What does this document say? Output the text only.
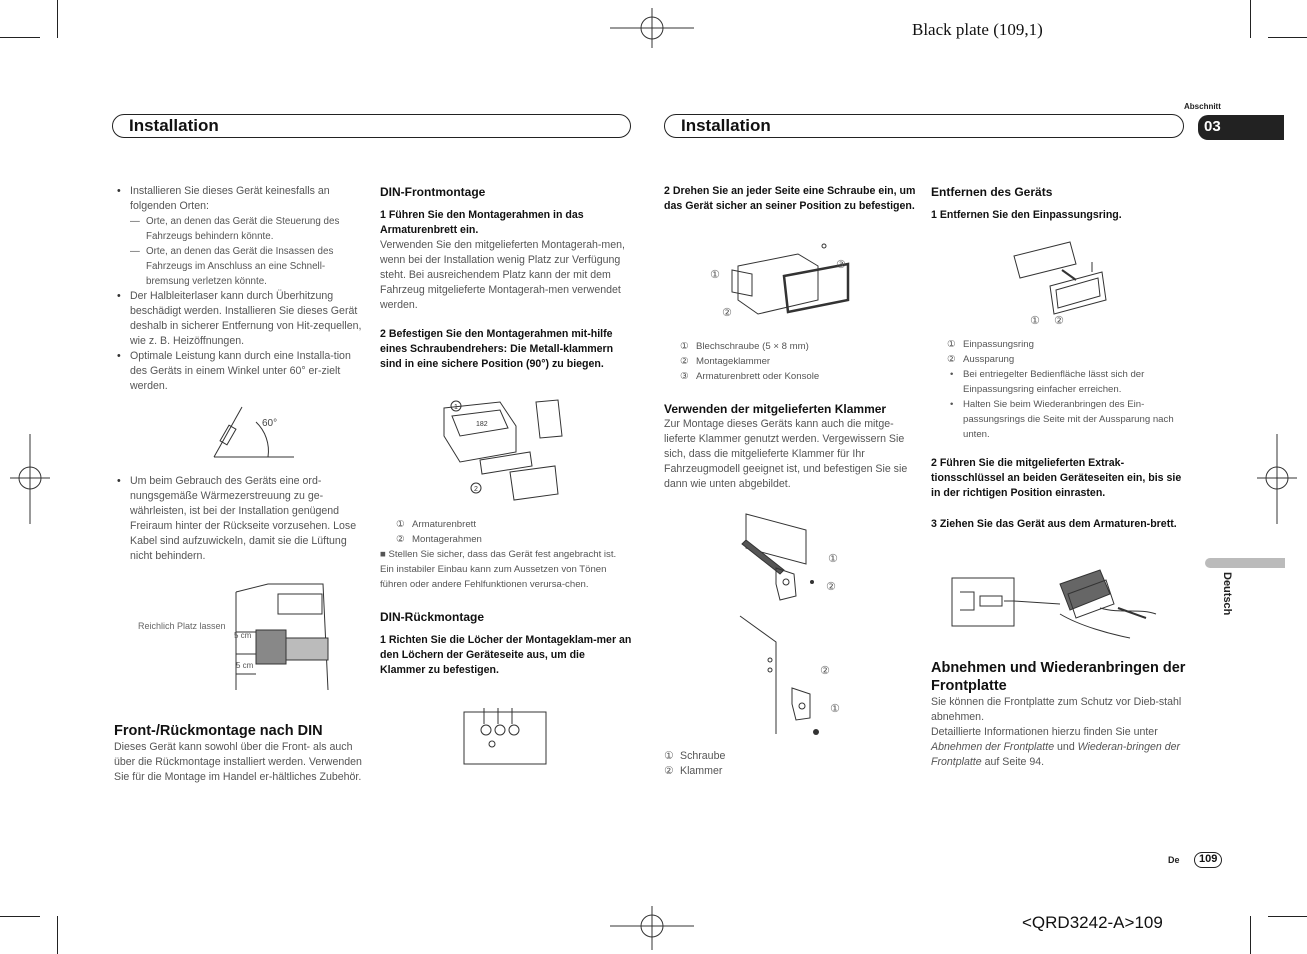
Black plate (109,1)
<QRD3242-A>109
Installation	Installation
Abschnitt
03
Deutsch

• Installieren Sie dieses Gerät keinesfalls an folgenden Orten:

— Orte, an denen das Gerät die Steuerung des Fahrzeugs behindern könnte.

— Orte, an denen das Gerät die Insassen des Fahrzeugs im Anschluss an eine Schnell-bremsung verletzen könnte.

• Der Halbleiterlaser kann durch Überhitzung beschädigt werden. Installieren Sie dieses Gerät deshalb in sicherer Entfernung von Hit-zequellen, wie z. B. Heizöffnungen.

• Optimale Leistung kann durch eine Installa-tion des Geräts in einem Winkel unter 60° er-zielt werden.

60°

• Um beim Gebrauch des Geräts eine ord-nungsgemäße Wärmezerstreuung zu ge-währleisten, ist bei der Installation genügend Freiraum hinter der Rückseite vorzusehen. Lose Kabel sind aufzuwickeln, damit sie die Lüftung nicht behindern.

5 cm
5 cm
Reichlich Platz lassen

Front-/Rückmontage nach DIN

Dieses Gerät kann sowohl über die Front- als auch über die Rückmontage installiert werden. Verwenden Sie für die Montage im Handel er-hältliches Zubehör.

DIN-Frontmontage

1 Führen Sie den Montagerahmen in das Armaturenbrett ein.

Verwenden Sie den mitgelieferten Montagerah-men, wenn bei der Installation wenig Platz zur Verfügung steht. Bei ausreichendem Platz kann der mit dem Fahrzeug mitgelieferte Montagerah-men verwendet werden.

2 Befestigen Sie den Montagerahmen mit-hilfe eines Schraubendrehers: Die Metall-klammern sind in eine sichere Position (90°) zu biegen.

182
1
2

① Armaturenbrett

② Montagerahmen

■ Stellen Sie sicher, dass das Gerät fest angebracht ist. Ein instabiler Einbau kann zum Aussetzen von Tönen führen oder andere Fehlfunktionen verursa-chen.

DIN-Rückmontage

1 Richten Sie die Löcher der Montageklam-mer an den Löchern der Geräteseite aus, um die Klammer zu befestigen.

2 Drehen Sie an jeder Seite eine Schraube ein, um das Gerät sicher an seiner Position zu befestigen.

①
②
③

① Blechschraube (5 × 8 mm)

② Montageklammer

③ Armaturenbrett oder Konsole

Verwenden der mitgelieferten Klammer

Zur Montage dieses Geräts kann auch die mitge-lieferte Klammer genutzt werden. Vergewissern Sie sich, dass die mitgelieferte Klammer für Ihr Fahrzeugmodell geeignet ist, und befestigen Sie sie dann wie unten abgebildet.

①
②
②
①

① Schraube

② Klammer

Entfernen des Geräts

1 Entfernen Sie den Einpassungsring.

① ②

① Einpassungsring

② Aussparung

• Bei entriegelter Bedienfläche lässt sich der Einpassungsring einfacher erreichen.

• Halten Sie beim Wiederanbringen des Ein-passungsrings die Seite mit der Aussparung nach unten.

2 Führen Sie die mitgelieferten Extrak-tionsschlüssel an beiden Geräteseiten ein, bis sie in der richtigen Position einrasten.

3 Ziehen Sie das Gerät aus dem Armaturen-brett.

Abnehmen und Wiederanbringen der Frontplatte

Sie können die Frontplatte zum Schutz vor Dieb-stahl abnehmen.

Detaillierte Informationen hierzu finden Sie unter Abnehmen der Frontplatte und Wiederan-bringen der Frontplatte auf Seite 94.

De 109
